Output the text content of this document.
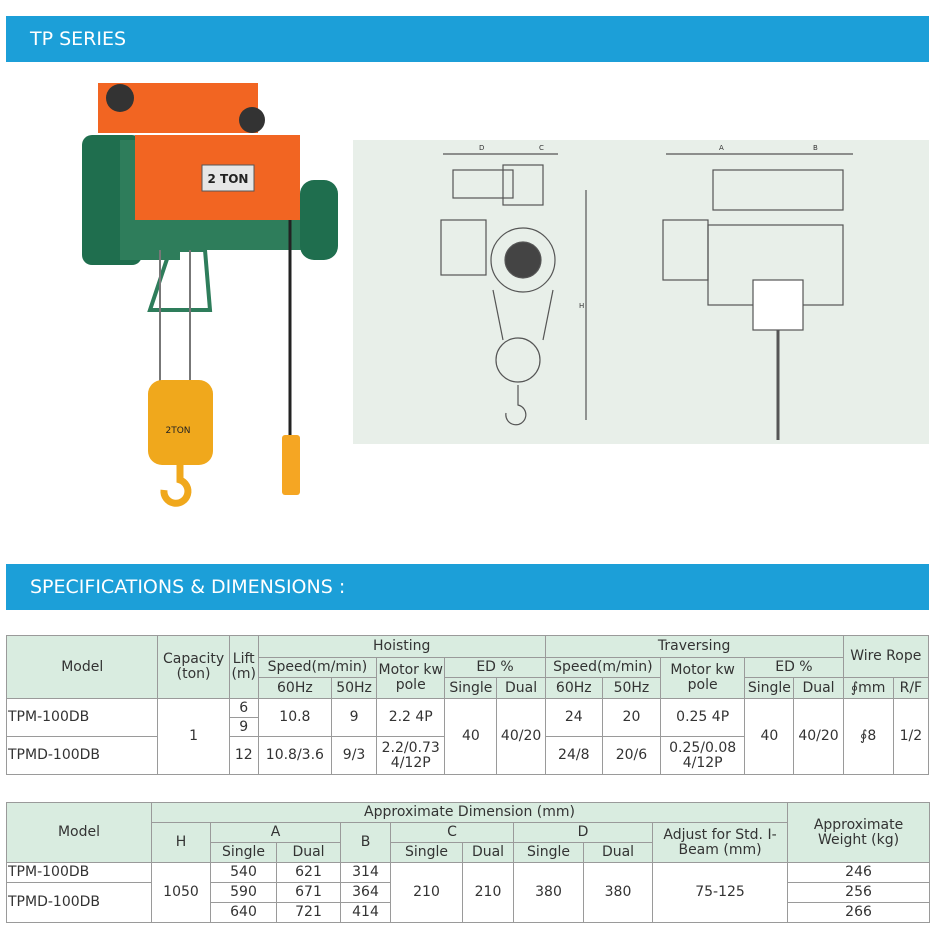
TP SERIES
2 TON
2TON
D	C
H
A	B
SPECIFICATIONS & DIMENSIONS :
Model	Capacity (ton)	Lift (m)	Hoisting					Traversing					Wire Rope	
			Speed(m/min)		Motor kw pole	ED %		Speed(m/min)		Motor kw pole	ED %			
			60Hz	50Hz		Single	Dual	60Hz	50Hz		Single	Dual	∮mm	R/F
TPM-100DB	1	6	10.8	9	2.2 4P	40	40/20	24	20	0.25 4P	40	40/20	∮8	1/2
		9												
TPMD-100DB		12	10.8/3.6	9/3	2.2/0.73 4/12P			24/8	20/6	0.25/0.08 4/12P				
Model	Approximate Dimension (mm)									Approximate Weight (kg)
	H	A		B	C		D		Adjust for Std. I-Beam (mm)	
		Single	Dual		Single	Dual	Single	Dual		
TPM-100DB	1050	540	621	314	210	210	380	380	75-125	246
TPMD-100DB		590	671	364						256
		640	721	414						266
